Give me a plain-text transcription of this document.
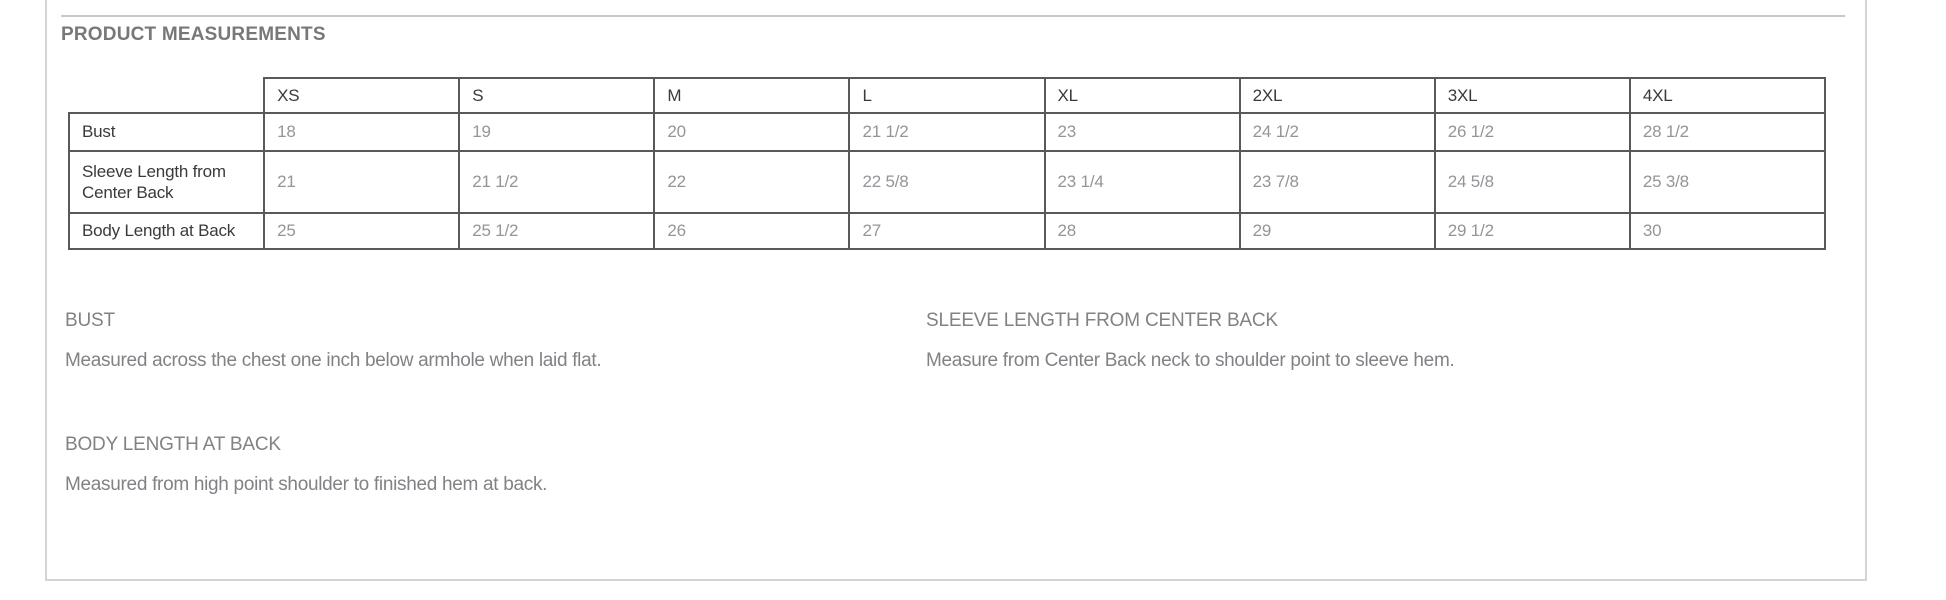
PRODUCT MEASUREMENTS
	XS	S	M	L	XL	2XL	3XL	4XL
Bust	18	19	20	21 1/2	23	24 1/2	26 1/2	28 1/2
Sleeve Length from Center Back	21	21 1/2	22	22 5/8	23 1/4	23 7/8	24 5/8	25 3/8
Body Length at Back	25	25 1/2	26	27	28	29	29 1/2	30
BUST

Measured across the chest one inch below armhole when laid flat.

SLEEVE LENGTH FROM CENTER BACK

Measure from Center Back neck to shoulder point to sleeve hem.

BODY LENGTH AT BACK

Measured from high point shoulder to finished hem at back.
